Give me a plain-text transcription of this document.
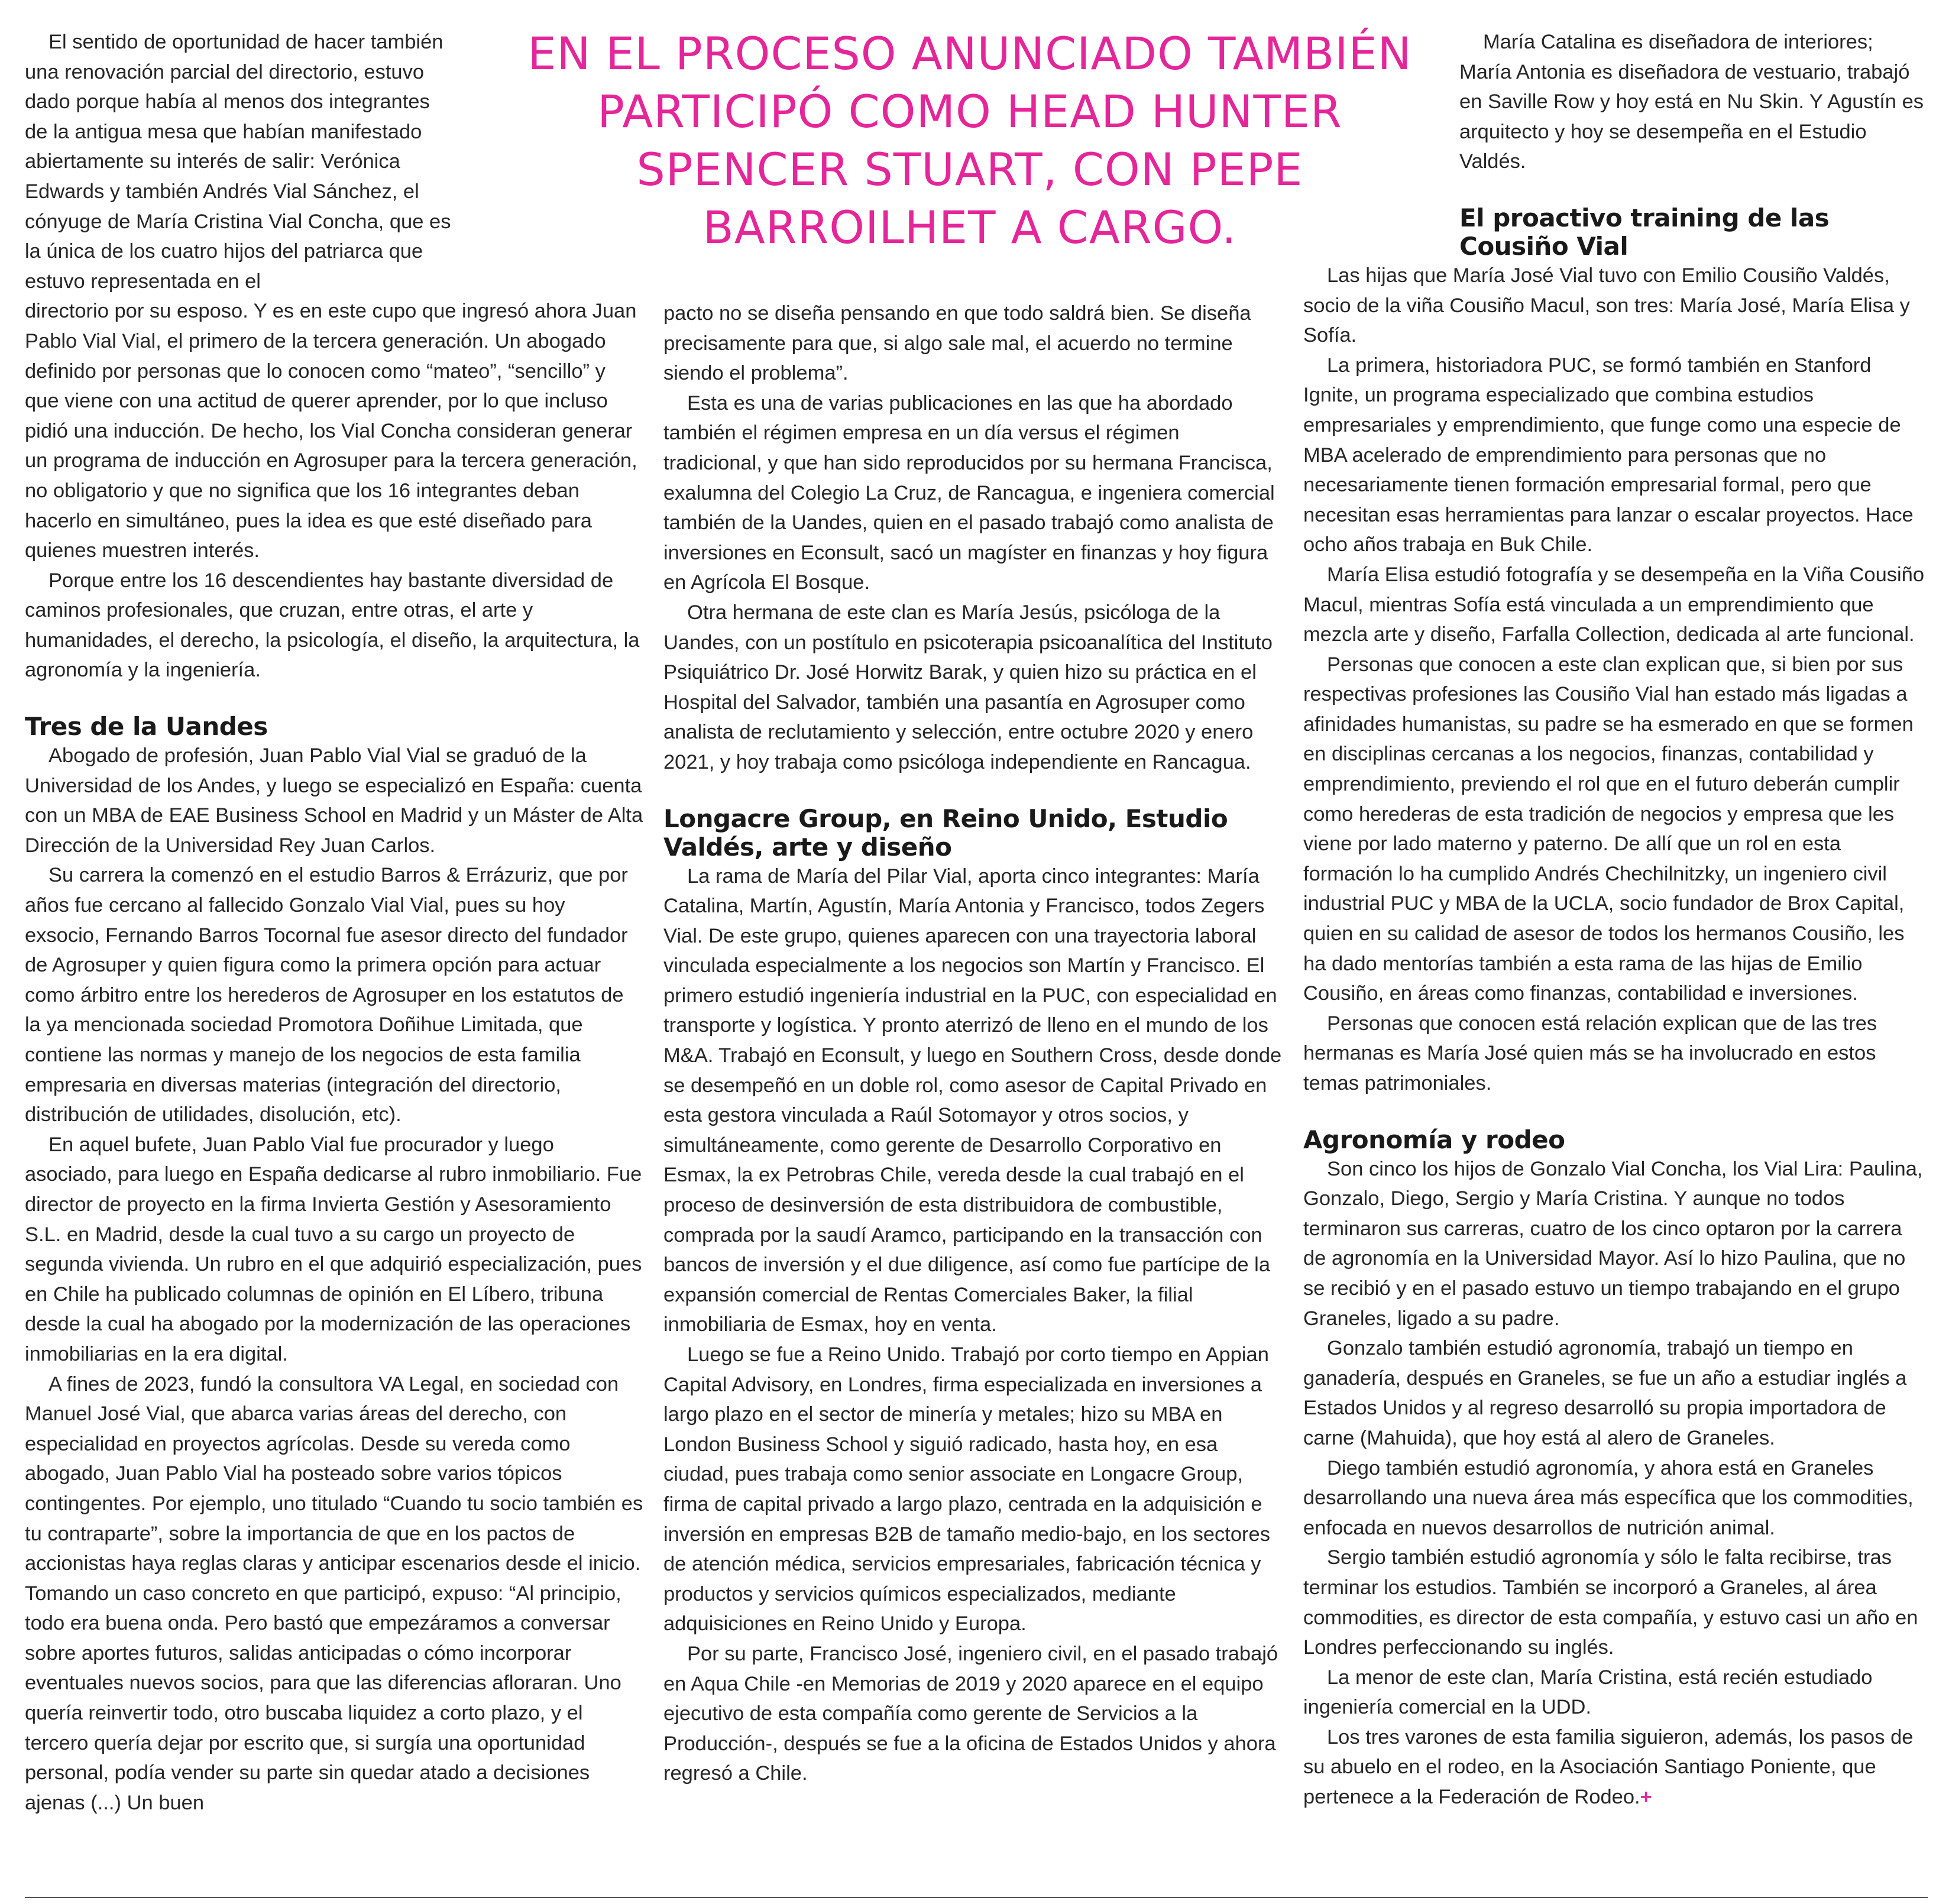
EN EL PROCESO ANUNCIADO TAMBIÉN PARTICIPÓ COMO HEAD HUNTER SPENCER STUART, CON PEPE BARROILHET A CARGO.

El sentido de oportunidad de hacer también una renovación parcial del directorio, estuvo dado porque había al menos dos integrantes de la antigua mesa que habían manifestado abiertamente su interés de salir: Verónica Edwards y también Andrés Vial Sánchez, el cónyuge de María Cristina Vial Concha, que es la única de los cuatro hijos del patriarca que estuvo representada en el

directorio por su esposo. Y es en este cupo que ingresó ahora Juan Pablo Vial Vial, el primero de la tercera generación. Un abogado definido por personas que lo conocen como “mateo”, “sencillo” y que viene con una actitud de querer aprender, por lo que incluso pidió una inducción. De hecho, los Vial Concha consideran generar un programa de inducción en Agrosuper para la tercera generación, no obligatorio y que no significa que los 16 integrantes deban hacerlo en simultáneo, pues la idea es que esté diseñado para quienes muestren interés.

Porque entre los 16 descendientes hay bastante diversidad de caminos profesionales, que cruzan, entre otras, el arte y humanidades, el derecho, la psicología, el diseño, la arquitectura, la agronomía y la ingeniería.

Tres de la Uandes

Abogado de profesión, Juan Pablo Vial Vial se graduó de la Universidad de los Andes, y luego se especializó en España: cuenta con un MBA de EAE Business School en Madrid y un Máster de Alta Dirección de la Universidad Rey Juan Carlos.

Su carrera la comenzó en el estudio Barros & Errázuriz, que por años fue cercano al fallecido Gonzalo Vial Vial, pues su hoy exsocio, Fernando Barros Tocornal fue asesor directo del fundador de Agrosuper y quien figura como la primera opción para actuar como árbitro entre los herederos de Agrosuper en los estatutos de la ya mencionada sociedad Promotora Doñihue Limitada, que contiene las normas y manejo de los negocios de esta familia empresaria en diversas materias (integración del directorio, distribución de utilidades, disolución, etc).

En aquel bufete, Juan Pablo Vial fue procurador y luego asociado, para luego en España dedicarse al rubro inmobiliario. Fue director de proyecto en la firma Invierta Gestión y Asesoramiento S.L. en Madrid, desde la cual tuvo a su cargo un proyecto de segunda vivienda. Un rubro en el que adquirió especialización, pues en Chile ha publicado columnas de opinión en El Líbero, tribuna desde la cual ha abogado por la modernización de las operaciones inmobiliarias en la era digital.

A fines de 2023, fundó la consultora VA Legal, en sociedad con Manuel José Vial, que abarca varias áreas del derecho, con especialidad en proyectos agrícolas. Desde su vereda como abogado, Juan Pablo Vial ha posteado sobre varios tópicos contingentes. Por ejemplo, uno titulado “Cuando tu socio también es tu contraparte”, sobre la importancia de que en los pactos de accionistas haya reglas claras y anticipar escenarios desde el inicio. Tomando un caso concreto en que participó, expuso: “Al principio, todo era buena onda. Pero bastó que empezáramos a conversar sobre aportes futuros, salidas anticipadas o cómo incorporar eventuales nuevos socios, para que las diferencias afloraran. Uno quería reinvertir todo, otro buscaba liquidez a corto plazo, y el tercero quería dejar por escrito que, si surgía una oportunidad personal, podía vender su parte sin quedar atado a decisiones ajenas (...) Un buen

pacto no se diseña pensando en que todo saldrá bien. Se diseña precisamente para que, si algo sale mal, el acuerdo no termine siendo el problema”.

Esta es una de varias publicaciones en las que ha abordado también el régimen empresa en un día versus el régimen tradicional, y que han sido reproducidos por su hermana Francisca, exalumna del Colegio La Cruz, de Rancagua, e ingeniera comercial también de la Uandes, quien en el pasado trabajó como analista de inversiones en Econsult, sacó un magíster en finanzas y hoy figura en Agrícola El Bosque.

Otra hermana de este clan es María Jesús, psicóloga de la Uandes, con un postítulo en psicoterapia psicoanalítica del Instituto Psiquiátrico Dr. José Horwitz Barak, y quien hizo su práctica en el Hospital del Salvador, también una pasantía en Agrosuper como analista de reclutamiento y selección, entre octubre 2020 y enero 2021, y hoy trabaja como psicóloga independiente en Rancagua.

Longacre Group, en Reino Unido, Estudio Valdés, arte y diseño

La rama de María del Pilar Vial, aporta cinco integrantes: María Catalina, Martín, Agustín, María Antonia y Francisco, todos Zegers Vial. De este grupo, quienes aparecen con una trayectoria laboral vinculada especialmente a los negocios son Martín y Francisco. El primero estudió ingeniería industrial en la PUC, con especialidad en transporte y logística. Y pronto aterrizó de lleno en el mundo de los M&A. Trabajó en Econsult, y luego en Southern Cross, desde donde se desempeñó en un doble rol, como asesor de Capital Privado en esta gestora vinculada a Raúl Sotomayor y otros socios, y simultáneamente, como gerente de Desarrollo Corporativo en Esmax, la ex Petrobras Chile, vereda desde la cual trabajó en el proceso de desinversión de esta distribuidora de combustible, comprada por la saudí Aramco, participando en la transacción con bancos de inversión y el due diligence, así como fue partícipe de la expansión comercial de Rentas Comerciales Baker, la filial inmobiliaria de Esmax, hoy en venta.

Luego se fue a Reino Unido. Trabajó por corto tiempo en Appian Capital Advisory, en Londres, firma especializada en inversiones a largo plazo en el sector de minería y metales; hizo su MBA en London Business School y siguió radicado, hasta hoy, en esa ciudad, pues trabaja como senior associate en Longacre Group, firma de capital privado a largo plazo, centrada en la adquisición e inversión en empresas B2B de tamaño medio-bajo, en los sectores de atención médica, servicios empresariales, fabricación técnica y productos y servicios químicos especializados, mediante adquisiciones en Reino Unido y Europa.

Por su parte, Francisco José, ingeniero civil, en el pasado trabajó en Aqua Chile -en Memorias de 2019 y 2020 aparece en el equipo ejecutivo de esta compañía como gerente de Servicios a la Producción-, después se fue a la oficina de Estados Unidos y ahora regresó a Chile.

María Catalina es diseñadora de interiores; María Antonia es diseñadora de vestuario, trabajó en Saville Row y hoy está en Nu Skin. Y Agustín es arquitecto y hoy se desempeña en el Estudio Valdés.

El proactivo training de las Cousiño Vial

Las hijas que María José Vial tuvo con Emilio Cousiño Valdés, socio de la viña Cousiño Macul, son tres: María José, María Elisa y Sofía.

La primera, historiadora PUC, se formó también en Stanford Ignite, un programa especializado que combina estudios empresariales y emprendimiento, que funge como una especie de MBA acelerado de emprendimiento para personas que no necesariamente tienen formación empresarial formal, pero que necesitan esas herramientas para lanzar o escalar proyectos. Hace ocho años trabaja en Buk Chile.

María Elisa estudió fotografía y se desempeña en la Viña Cousiño Macul, mientras Sofía está vinculada a un emprendimiento que mezcla arte y diseño, Farfalla Collection, dedicada al arte funcional.

Personas que conocen a este clan explican que, si bien por sus respectivas profesiones las Cousiño Vial han estado más ligadas a afinidades humanistas, su padre se ha esmerado en que se formen en disciplinas cercanas a los negocios, finanzas, contabilidad y emprendimiento, previendo el rol que en el futuro deberán cumplir como herederas de esta tradición de negocios y empresa que les viene por lado materno y paterno. De allí que un rol en esta formación lo ha cumplido Andrés Chechilnitzky, un ingeniero civil industrial PUC y MBA de la UCLA, socio fundador de Brox Capital, quien en su calidad de asesor de todos los hermanos Cousiño, les ha dado mentorías también a esta rama de las hijas de Emilio Cousiño, en áreas como finanzas, contabilidad e inversiones.

Personas que conocen está relación explican que de las tres hermanas es María José quien más se ha involucrado en estos temas patrimoniales.

Agronomía y rodeo

Son cinco los hijos de Gonzalo Vial Concha, los Vial Lira: Paulina, Gonzalo, Diego, Sergio y María Cristina. Y aunque no todos terminaron sus carreras, cuatro de los cinco optaron por la carrera de agronomía en la Universidad Mayor. Así lo hizo Paulina, que no se recibió y en el pasado estuvo un tiempo trabajando en el grupo Graneles, ligado a su padre.

Gonzalo también estudió agronomía, trabajó un tiempo en ganadería, después en Graneles, se fue un año a estudiar inglés a Estados Unidos y al regreso desarrolló su propia importadora de carne (Mahuida), que hoy está al alero de Graneles.

Diego también estudió agronomía, y ahora está en Graneles desarrollando una nueva área más específica que los commodities, enfocada en nuevos desarrollos de nutrición animal.

Sergio también estudió agronomía y sólo le falta recibirse, tras terminar los estudios. También se incorporó a Graneles, al área commodities, es director de esta compañía, y estuvo casi un año en Londres perfeccionando su inglés.

La menor de este clan, María Cristina, está recién estudiado ingeniería comercial en la UDD.

Los tres varones de esta familia siguieron, además, los pasos de su abuelo en el rodeo, en la Asociación Santiago Poniente, que pertenece a la Federación de Rodeo.+
